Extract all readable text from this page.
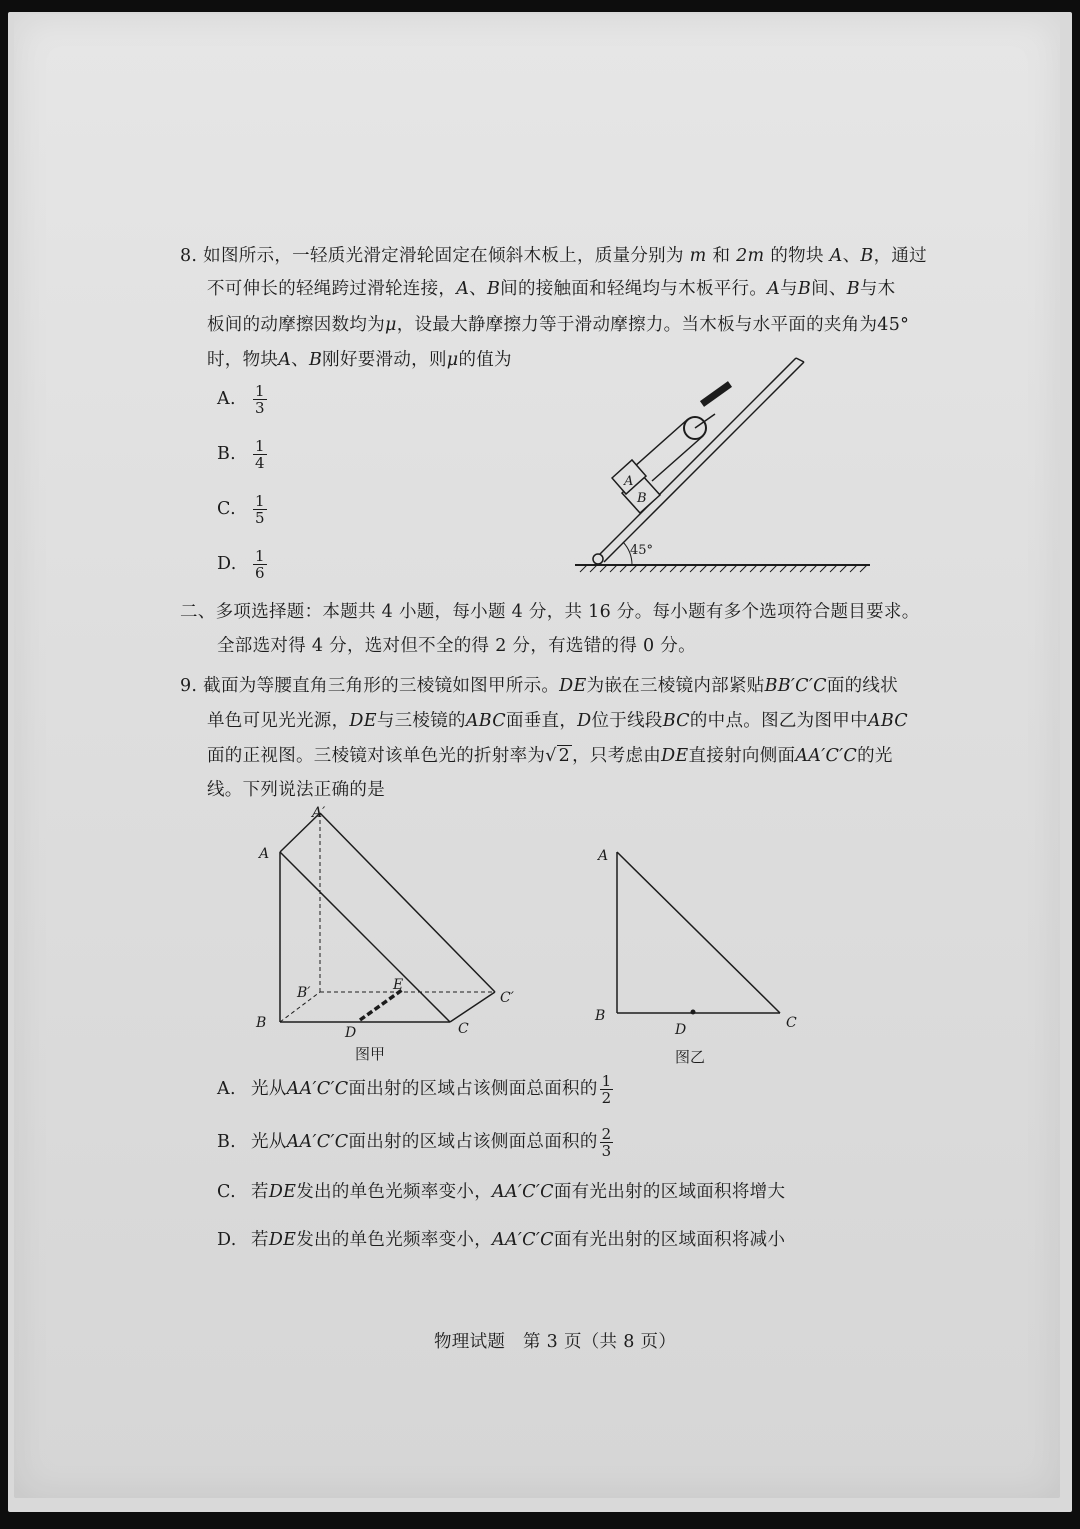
8. 如图所示，一轻质光滑定滑轮固定在倾斜木板上，质量分别为 m 和 2m 的物块 A、B，通过
不可伸长的轻绳跨过滑轮连接，A、B间的接触面和轻绳均与木板平行。A与B间、B与木
板间的动摩擦因数均为μ，设最大静摩擦力等于滑动摩擦力。当木板与水平面的夹角为45°
时，物块A、B刚好要滑动，则μ的值为
A. $\frac{1}{3}$
B. $\frac{1}{4}$
C. $\frac{1}{5}$
D. $\frac{1}{6}$	45°
A
B
二、多项选择题：本题共 4 小题，每小题 4 分，共 16 分。每小题有多个选项符合题目要求。
全部选对得 4 分，选对但不全的得 2 分，有选错的得 0 分。
9. 截面为等腰直角三角形的三棱镜如图甲所示。DE为嵌在三棱镜内部紧贴BB′C′C面的线状
单色可见光光源，DE与三棱镜的ABC面垂直，D位于线段BC的中点。图乙为图甲中ABC
面的正视图。三棱镜对该单色光的折射率为√ 2 ，只考虑由DE直接射向侧面AA′C′C的光
线。下列说法正确的是
A′
A
B′
B
E
D	C
C′
图甲
A
B
D	C
图乙
A. 光从AA′C′C面出射的区域占该侧面总面积的 $\frac{1}{2}$
B. 光从AA′C′C面出射的区域占该侧面总面积的 $\frac{2}{3}$
C. 若DE发出的单色光频率变小，AA′C′C面有光出射的区域面积将增大
D. 若DE发出的单色光频率变小，AA′C′C面有光出射的区域面积将减小
物理试题　第 3 页（共 8 页）
